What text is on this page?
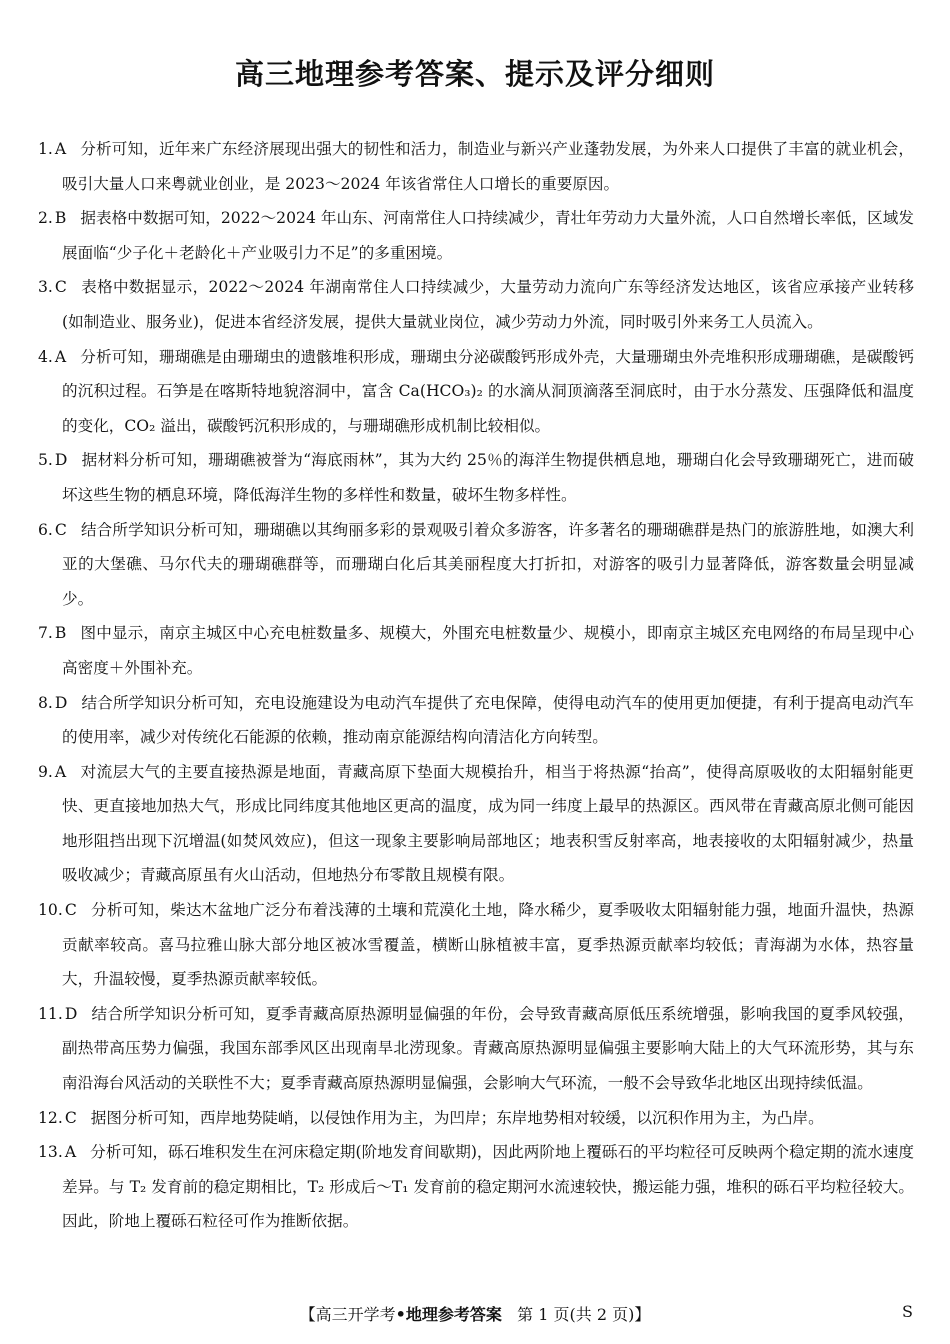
高三地理参考答案、提示及评分细则
1. A 分析可知，近年来广东经济展现出强大的韧性和活力，制造业与新兴产业蓬勃发展，为外来人口提供了丰富的就业机会，吸引大量人口来粤就业创业，是 2023～2024 年该省常住人口增长的重要原因。
2. B 据表格中数据可知，2022～2024 年山东、河南常住人口持续减少，青壮年劳动力大量外流，人口自然增长率低，区域发展面临“少子化＋老龄化＋产业吸引力不足”的多重困境。
3. C 表格中数据显示，2022～2024 年湖南常住人口持续减少，大量劳动力流向广东等经济发达地区，该省应承接产业转移(如制造业、服务业)，促进本省经济发展，提供大量就业岗位，减少劳动力外流，同时吸引外来务工人员流入。
4. A 分析可知，珊瑚礁是由珊瑚虫的遗骸堆积形成，珊瑚虫分泌碳酸钙形成外壳，大量珊瑚虫外壳堆积形成珊瑚礁，是碳酸钙的沉积过程。石笋是在喀斯特地貌溶洞中，富含 Ca(HCO₃)₂ 的水滴从洞顶滴落至洞底时，由于水分蒸发、压强降低和温度的变化，CO₂ 溢出，碳酸钙沉积形成的，与珊瑚礁形成机制比较相似。
5. D 据材料分析可知，珊瑚礁被誉为“海底雨林”，其为大约 25％的海洋生物提供栖息地，珊瑚白化会导致珊瑚死亡，进而破坏这些生物的栖息环境，降低海洋生物的多样性和数量，破坏生物多样性。
6. C 结合所学知识分析可知，珊瑚礁以其绚丽多彩的景观吸引着众多游客，许多著名的珊瑚礁群是热门的旅游胜地，如澳大利亚的大堡礁、马尔代夫的珊瑚礁群等，而珊瑚白化后其美丽程度大打折扣，对游客的吸引力显著降低，游客数量会明显减少。
7. B 图中显示，南京主城区中心充电桩数量多、规模大，外围充电桩数量少、规模小，即南京主城区充电网络的布局呈现中心高密度＋外围补充。
8. D 结合所学知识分析可知，充电设施建设为电动汽车提供了充电保障，使得电动汽车的使用更加便捷，有利于提高电动汽车的使用率，减少对传统化石能源的依赖，推动南京能源结构向清洁化方向转型。
9. A 对流层大气的主要直接热源是地面，青藏高原下垫面大规模抬升，相当于将热源“抬高”，使得高原吸收的太阳辐射能更快、更直接地加热大气，形成比同纬度其他地区更高的温度，成为同一纬度上最早的热源区。西风带在青藏高原北侧可能因地形阻挡出现下沉增温(如焚风效应)，但这一现象主要影响局部地区；地表积雪反射率高，地表接收的太阳辐射减少，热量吸收减少；青藏高原虽有火山活动，但地热分布零散且规模有限。
10. C 分析可知，柴达木盆地广泛分布着浅薄的土壤和荒漠化土地，降水稀少，夏季吸收太阳辐射能力强，地面升温快，热源贡献率较高。喜马拉雅山脉大部分地区被冰雪覆盖，横断山脉植被丰富，夏季热源贡献率均较低；青海湖为水体，热容量大，升温较慢，夏季热源贡献率较低。
11. D 结合所学知识分析可知，夏季青藏高原热源明显偏强的年份，会导致青藏高原低压系统增强，影响我国的夏季风较强，副热带高压势力偏强，我国东部季风区出现南旱北涝现象。青藏高原热源明显偏强主要影响大陆上的大气环流形势，其与东南沿海台风活动的关联性不大；夏季青藏高原热源明显偏强，会影响大气环流，一般不会导致华北地区出现持续低温。
12. C 据图分析可知，西岸地势陡峭，以侵蚀作用为主，为凹岸；东岸地势相对较缓，以沉积作用为主，为凸岸。
13. A 分析可知，砾石堆积发生在河床稳定期(阶地发育间歇期)，因此两阶地上覆砾石的平均粒径可反映两个稳定期的流水速度差异。与 T₂ 发育前的稳定期相比，T₂ 形成后～T₁ 发育前的稳定期河水流速较快，搬运能力强，堆积的砾石平均粒径较大。因此，阶地上覆砾石粒径可作为推断依据。
【高三开学考•地理参考答案 第 1 页(共 2 页)】	S
